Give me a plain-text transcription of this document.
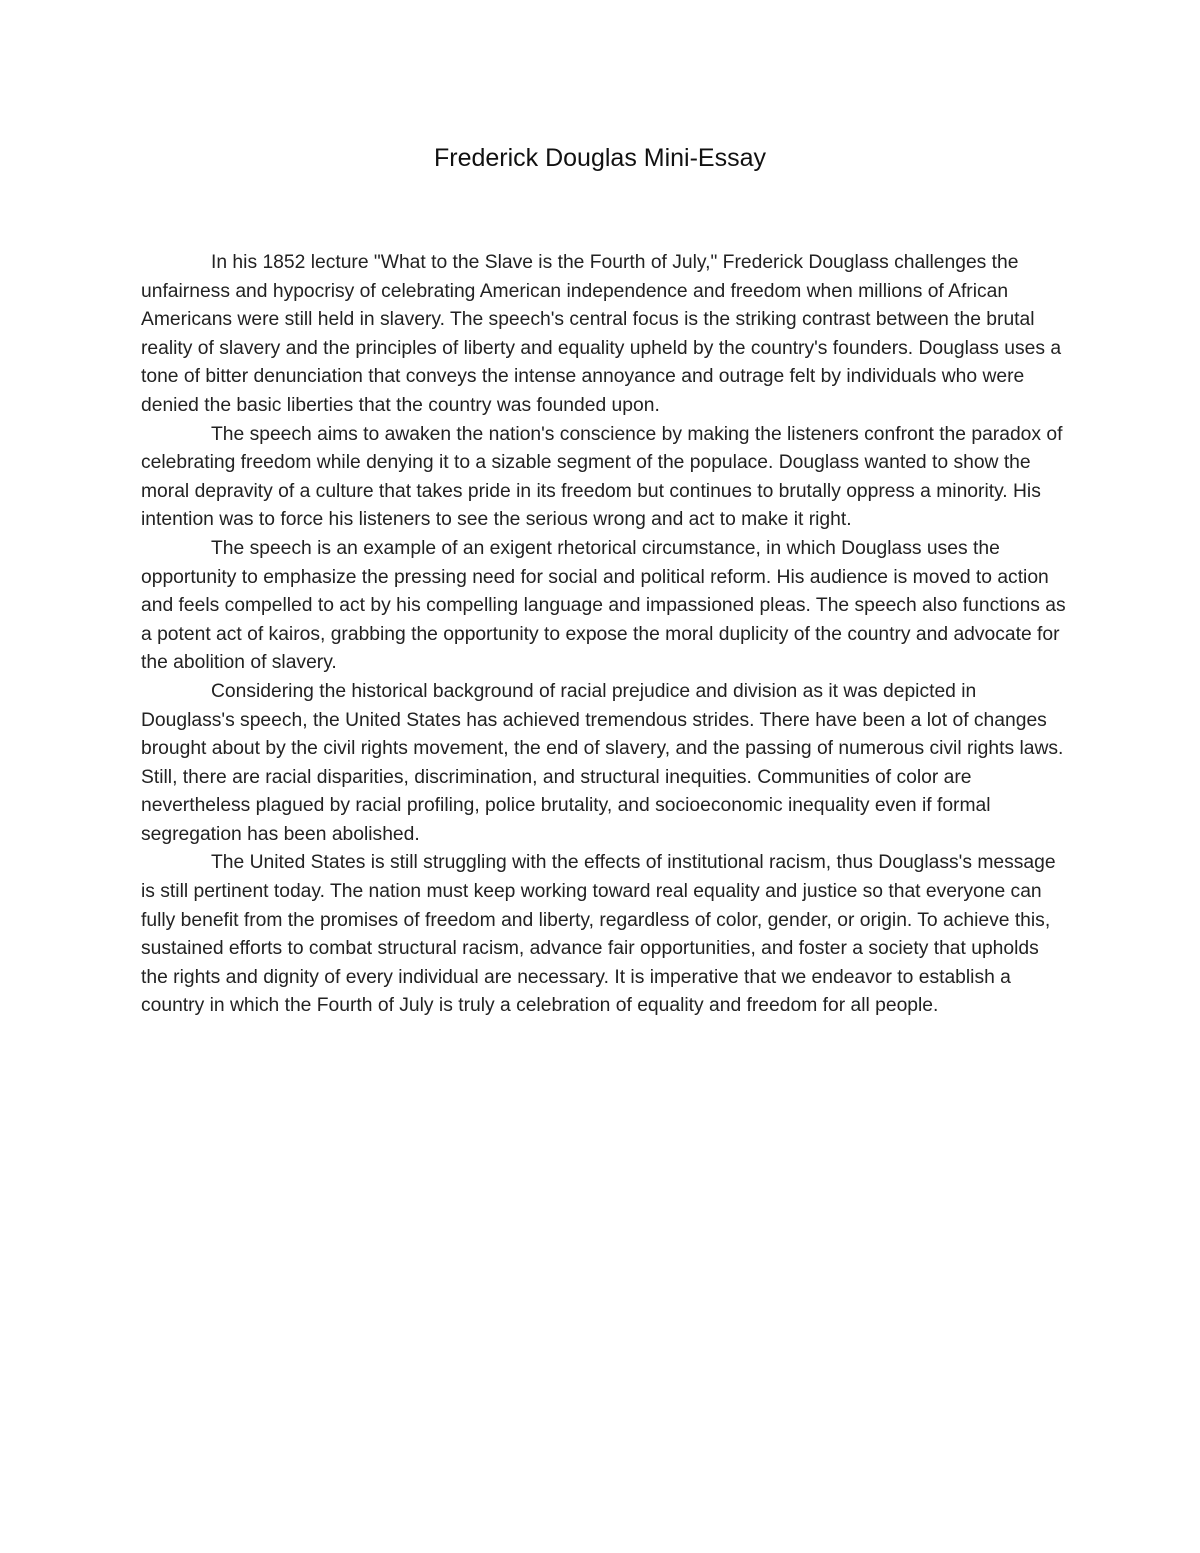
Frederick Douglas Mini-Essay

In his 1852 lecture "What to the Slave is the Fourth of July," Frederick Douglass challenges the unfairness and hypocrisy of celebrating American independence and freedom when millions of African Americans were still held in slavery. The speech's central focus is the striking contrast between the brutal reality of slavery and the principles of liberty and equality upheld by the country's founders. Douglass uses a tone of bitter denunciation that conveys the intense annoyance and outrage felt by individuals who were denied the basic liberties that the country was founded upon.

The speech aims to awaken the nation's conscience by making the listeners confront the paradox of celebrating freedom while denying it to a sizable segment of the populace. Douglass wanted to show the moral depravity of a culture that takes pride in its freedom but continues to brutally oppress a minority. His intention was to force his listeners to see the serious wrong and act to make it right.

The speech is an example of an exigent rhetorical circumstance, in which Douglass uses the opportunity to emphasize the pressing need for social and political reform. His audience is moved to action and feels compelled to act by his compelling language and impassioned pleas. The speech also functions as a potent act of kairos, grabbing the opportunity to expose the moral duplicity of the country and advocate for the abolition of slavery.

Considering the historical background of racial prejudice and division as it was depicted in Douglass's speech, the United States has achieved tremendous strides. There have been a lot of changes brought about by the civil rights movement, the end of slavery, and the passing of numerous civil rights laws. Still, there are racial disparities, discrimination, and structural inequities. Communities of color are nevertheless plagued by racial profiling, police brutality, and socioeconomic inequality even if formal segregation has been abolished.

The United States is still struggling with the effects of institutional racism, thus Douglass's message is still pertinent today. The nation must keep working toward real equality and justice so that everyone can fully benefit from the promises of freedom and liberty, regardless of color, gender, or origin. To achieve this, sustained efforts to combat structural racism, advance fair opportunities, and foster a society that upholds the rights and dignity of every individual are necessary. It is imperative that we endeavor to establish a country in which the Fourth of July is truly a celebration of equality and freedom for all people.
